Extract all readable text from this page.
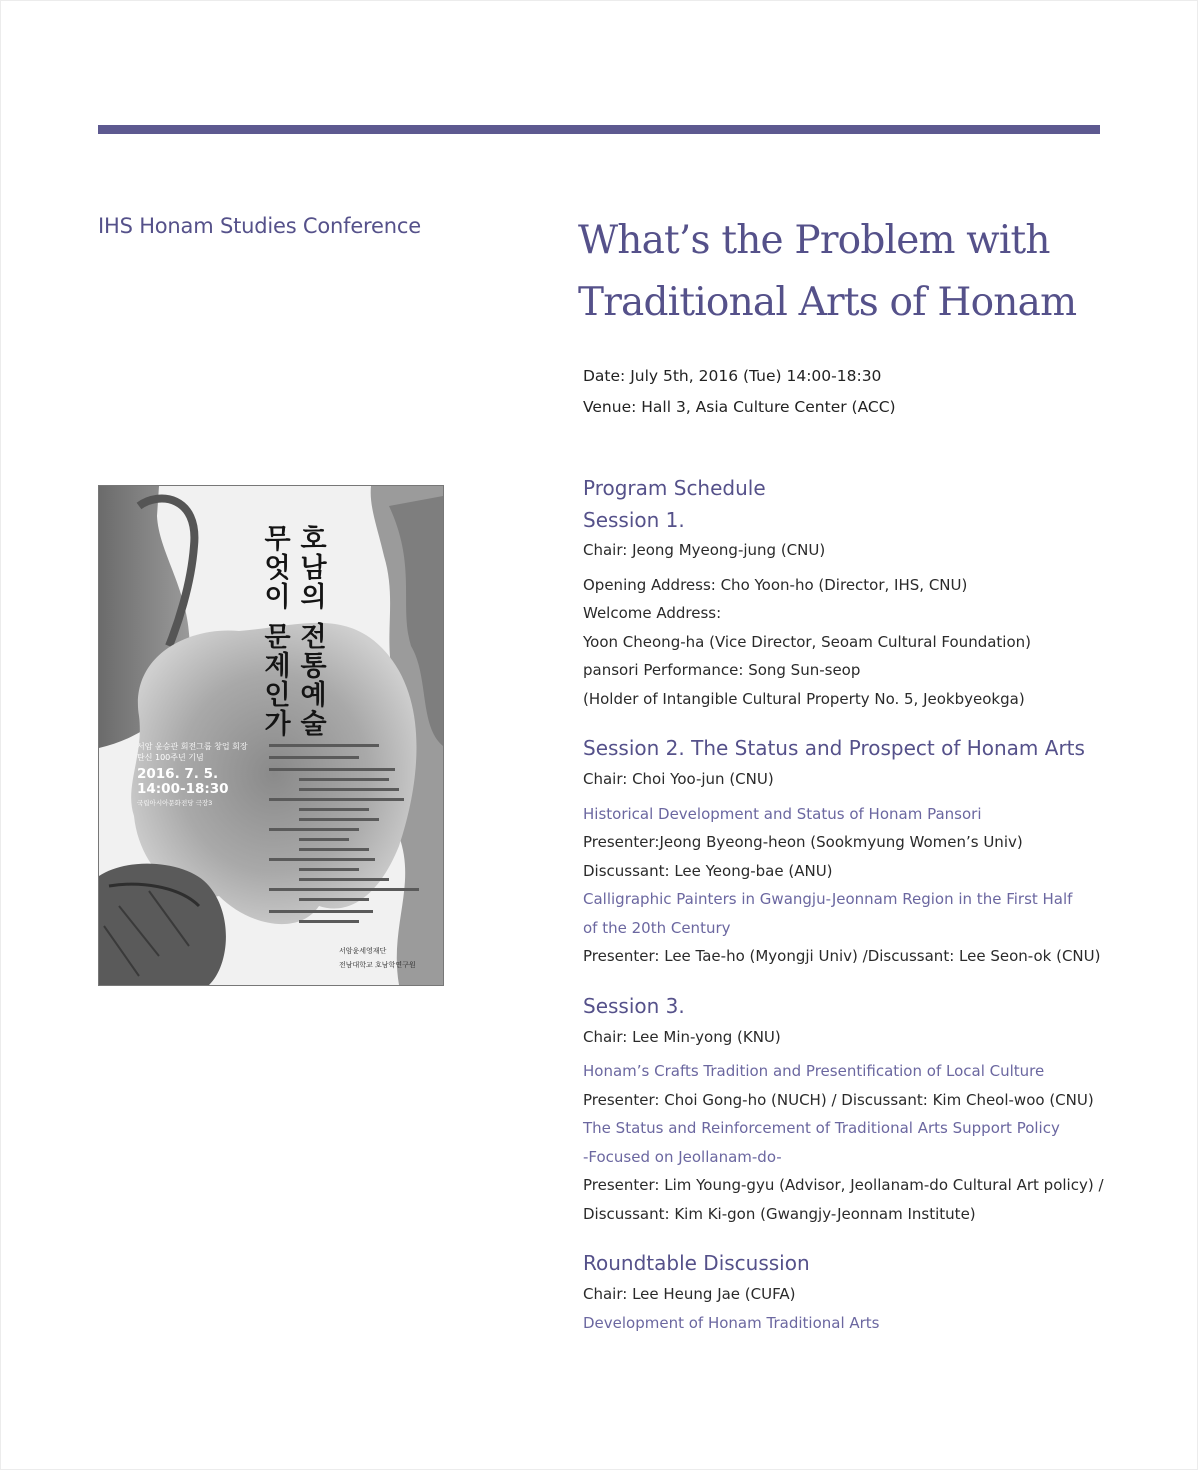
IHS Honam Studies Conference	What’s the Problem with
Traditional Arts of Honam
Date: July 5th, 2016 (Tue) 14:00-18:30
Venue: Hall 3, Asia Culture Center (ACC)
호남의 전통예술
무엇이 문제인가
서암 윤승관 회전그룹 창업 회장
탄신 100주년 기념
2016. 7. 5.
14:00-18:30
국립아시아문화전당 극장3
서암윤세영재단
전남대학교 호남학연구원
Program Schedule
Session 1.
Chair: Jeong Myeong-jung (CNU)
Opening Address: Cho Yoon-ho (Director, IHS, CNU)
Welcome Address:
Yoon Cheong-ha (Vice Director, Seoam Cultural Foundation)
pansori Performance: Song Sun-seop
(Holder of Intangible Cultural Property No. 5, Jeokbyeokga)
Session 2. The Status and Prospect of Honam Arts
Chair: Choi Yoo-jun (CNU)
Historical Development and Status of Honam Pansori
Presenter:Jeong Byeong-heon (Sookmyung Women’s Univ)
Discussant: Lee Yeong-bae (ANU)
Calligraphic Painters in Gwangju-Jeonnam Region in the First Half
of the 20th Century
Presenter: Lee Tae-ho (Myongji Univ) /Discussant: Lee Seon-ok (CNU)
Session 3.
Chair: Lee Min-yong (KNU)
Honam’s Crafts Tradition and Presentification of Local Culture
Presenter: Choi Gong-ho (NUCH) / Discussant: Kim Cheol-woo (CNU)
The Status and Reinforcement of Traditional Arts Support Policy
-Focused on Jeollanam-do-
Presenter: Lim Young-gyu (Advisor, Jeollanam-do Cultural Art policy) /
Discussant: Kim Ki-gon (Gwangjy-Jeonnam Institute)
Roundtable Discussion
Chair: Lee Heung Jae (CUFA)
Development of Honam Traditional Arts
